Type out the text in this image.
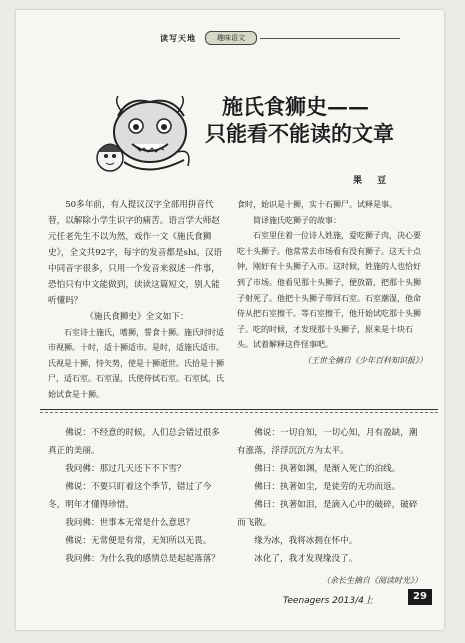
读写天地	趣味语文
施氏食狮史——
只能看不能读的文章
果 豆

50多年前，有人提议汉字全部用拼音代替，以解除小学生识字的痛苦。语言学大师赵元任老先生不以为然，戏作一文《施氏食狮史》，全文共92字，每字的发音都是shi。汉语中同音字很多，只用一个发音来叙述一件事，恐怕只有中文能做到，读读这篇短文，别人能听懂吗？

《施氏食狮史》全文如下：

石室诗士施氏，嗜狮，誓食十狮。施氏时时适市视狮。十时，适十狮适市。是时，适施氏适市。氏视是十狮，恃矢势，使是十狮逝世。氏拾是十狮尸，适石室。石室湿，氏使侍拭石室。石室拭，氏始试食是十狮。

食时，始识是十狮，实十石狮尸。试释是事。

简译施氏吃狮子的故事：

石室里住着一位诗人姓施，爱吃狮子肉，决心要吃十头狮子。他常常去市场看有没有狮子。这天十点钟，刚好有十头狮子入市。这时候，姓施的人也恰好到了市场。他看见那十头狮子，便放箭，把那十头狮子射死了。他把十头狮子带回石室。石室潮湿，他命侍从把石室擦干。等石室擦干，他开始试吃那十头狮子。吃的时候，才发现那十头狮子，原来是十块石头。试着解释这件怪事吧。

（王世全摘自《少年百科知识报》）

佛说：不经意的时候，人们总会错过很多真正的美丽。

我问佛：那过几天还下不下雪？

佛说：不要只盯着这个季节，错过了今冬，明年才懂得珍惜。

我问佛：世事本无常是什么意思？

佛说：无常便是有常，无知所以无畏。

我问佛：为什么我的感情总是起起落落？

佛说：一切自知，一切心知，月有盈缺，潮有涨落，浮浮沉沉方为太平。

佛曰：执著如渊，是渐入死亡的泊线。

佛曰：执著如尘，是徒劳的无功而返。

佛曰：执著如泪，是滴入心中的破碎，破碎而飞散。

缘为冰，我将冰拥在怀中。

冰化了，我才发现缘没了。

（余长生摘自《阅读时光》）
Teenagers 2013/4上	29
